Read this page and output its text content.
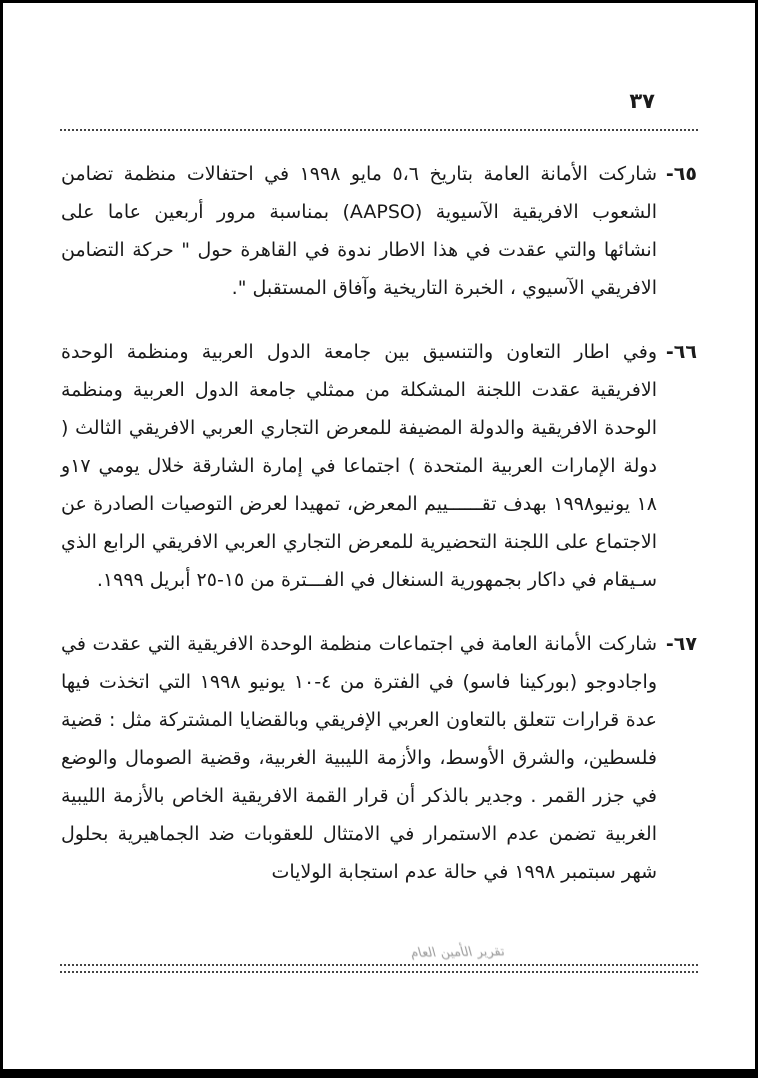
٣٧
٦٥-
شاركت الأمانة العامة بتاريخ ٥،٦ مايو ١٩٩٨ في احتفالات منظمة تضامن الشعوب الافريقية الآسيوية (AAPSO) بمناسبة مرور أربعين عاما على انشائها والتي عقدت في هذا الاطار ندوة في القاهرة حول " حركة التضامن الافريقي الآسيوي ، الخبرة التاريخية وآفاق المستقبل ".
٦٦-
وفي اطار التعاون والتنسيق بين جامعة الدول العربية ومنظمة الوحدة الافريقية عقدت اللجنة المشكلة من ممثلي جامعة الدول العربية ومنظمة الوحدة الافريقية والدولة المضيفة للمعرض التجاري العربي الافريقي الثالث ( دولة الإمارات العربية المتحدة ) اجتماعا في إمارة الشارقة خلال يومي ١٧و ١٨ يونيو١٩٩٨ بهدف تقــــــييم المعرض، تمهيدا لعرض التوصيات الصادرة عن الاجتماع على اللجنة التحضيرية للمعرض التجاري العربي الافريقي الرابع الذي سـيقام في داكار بجمهورية السنغال في الفـــترة من ١٥-٢٥ أبريل ١٩٩٩.
٦٧-
شاركت الأمانة العامة في اجتماعات منظمة الوحدة الافريقية التي عقدت في واجادوجو (بوركينا فاسو) في الفترة من ٤-١٠ يونيو ١٩٩٨ التي اتخذت فيها عدة قرارات تتعلق بالتعاون العربي الإفريقي وبالقضايا المشتركة مثل : قضية فلسطين، والشرق الأوسط، والأزمة الليبية الغربية، وقضية الصومال والوضع في جزر القمر . وجدير بالذكر أن قرار القمة الافريقية الخاص بالأزمة الليبية الغربية تضمن عدم الاستمرار في الامتثال للعقوبات ضد الجماهيرية بحلول شهر سبتمبر ١٩٩٨ في حالة عدم استجابة الولايات
تقرير الأمين العام
